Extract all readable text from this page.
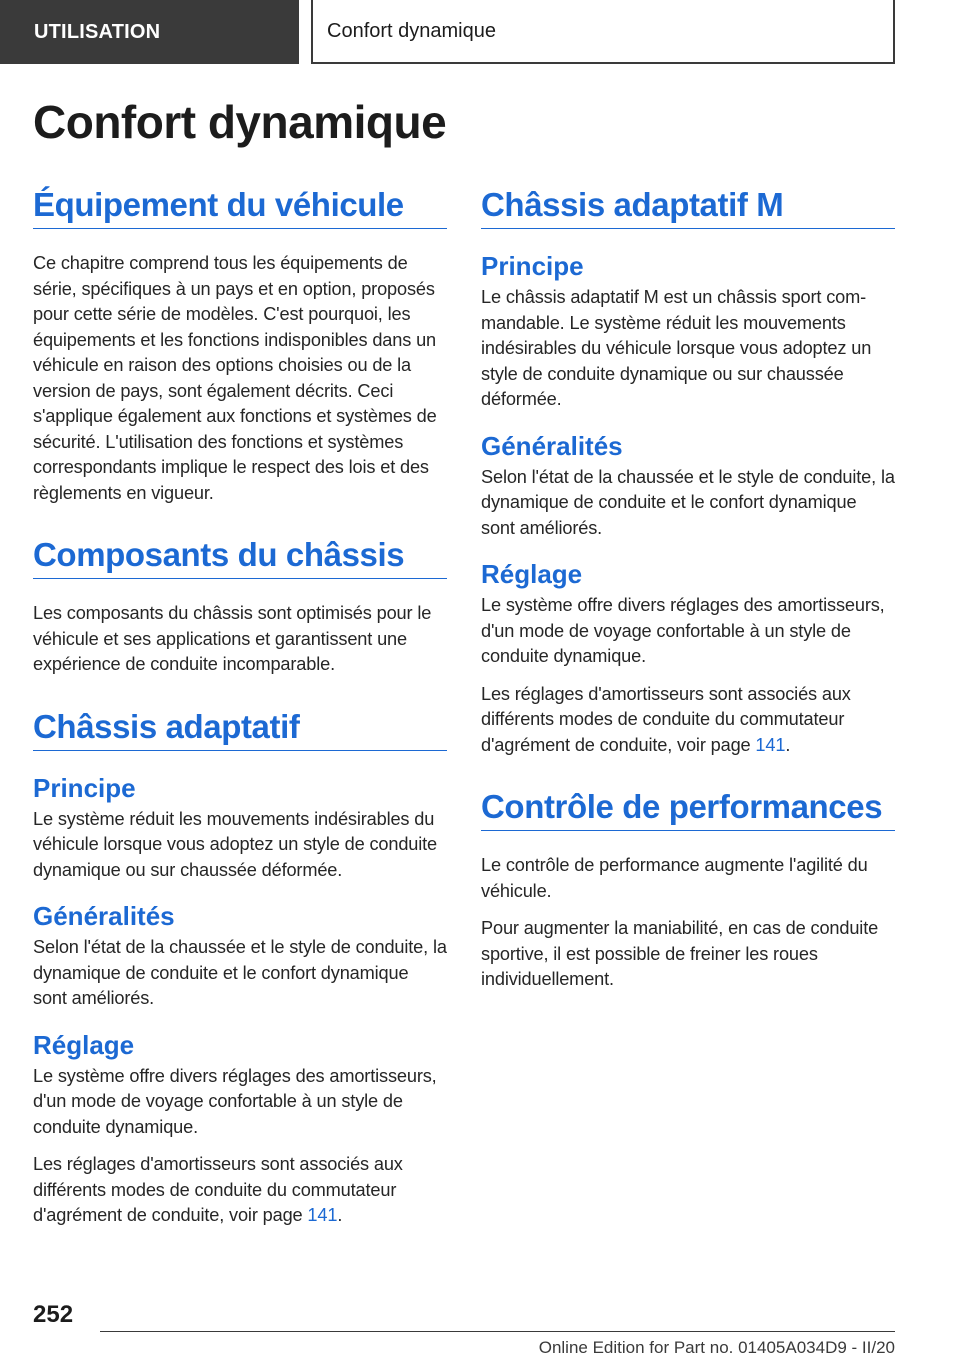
UTILISATION	Confort dynamique
Confort dynamique
Équipement du véhicule

Ce chapitre comprend tous les équipements de série, spécifiques à un pays et en option, proposés pour cette série de modèles. C'est pourquoi, les équipements et les fonctions indisponibles dans un véhicule en raison des options choisies ou de la version de pays, sont également décrits. Ceci s'applique également aux fonctions et systèmes de sécurité. L'utilisation des fonctions et systèmes correspondants implique le respect des lois et des règlements en vigueur.

Composants du châssis

Les composants du châssis sont optimisés pour le véhicule et ses applications et garantissent une expérience de conduite incomparable.

Châssis adaptatif
Principe

Le système réduit les mouvements indésirables du véhicule lorsque vous adoptez un style de conduite dynamique ou sur chaussée déformée.

Généralités

Selon l'état de la chaussée et le style de conduite, la dynamique de conduite et le confort dynamique sont améliorés.

Réglage

Le système offre divers réglages des amortisseurs, d'un mode de voyage confortable à un style de conduite dynamique.

Les réglages d'amortisseurs sont associés aux différents modes de conduite du commutateur d'agrément de conduite, voir page 141.

Châssis adaptatif M
Principe

Le châssis adaptatif M est un châssis sport commandable. Le système réduit les mouvements indésirables du véhicule lorsque vous adoptez un style de conduite dynamique ou sur chaussée déformée.

Généralités

Selon l'état de la chaussée et le style de conduite, la dynamique de conduite et le confort dynamique sont améliorés.

Réglage

Le système offre divers réglages des amortisseurs, d'un mode de voyage confortable à un style de conduite dynamique.

Les réglages d'amortisseurs sont associés aux différents modes de conduite du commutateur d'agrément de conduite, voir page 141.

Contrôle de performances

Le contrôle de performance augmente l'agilité du véhicule.

Pour augmenter la maniabilité, en cas de conduite sportive, il est possible de freiner les roues individuellement.

252
Online Edition for Part no. 01405A034D9 - II/20
